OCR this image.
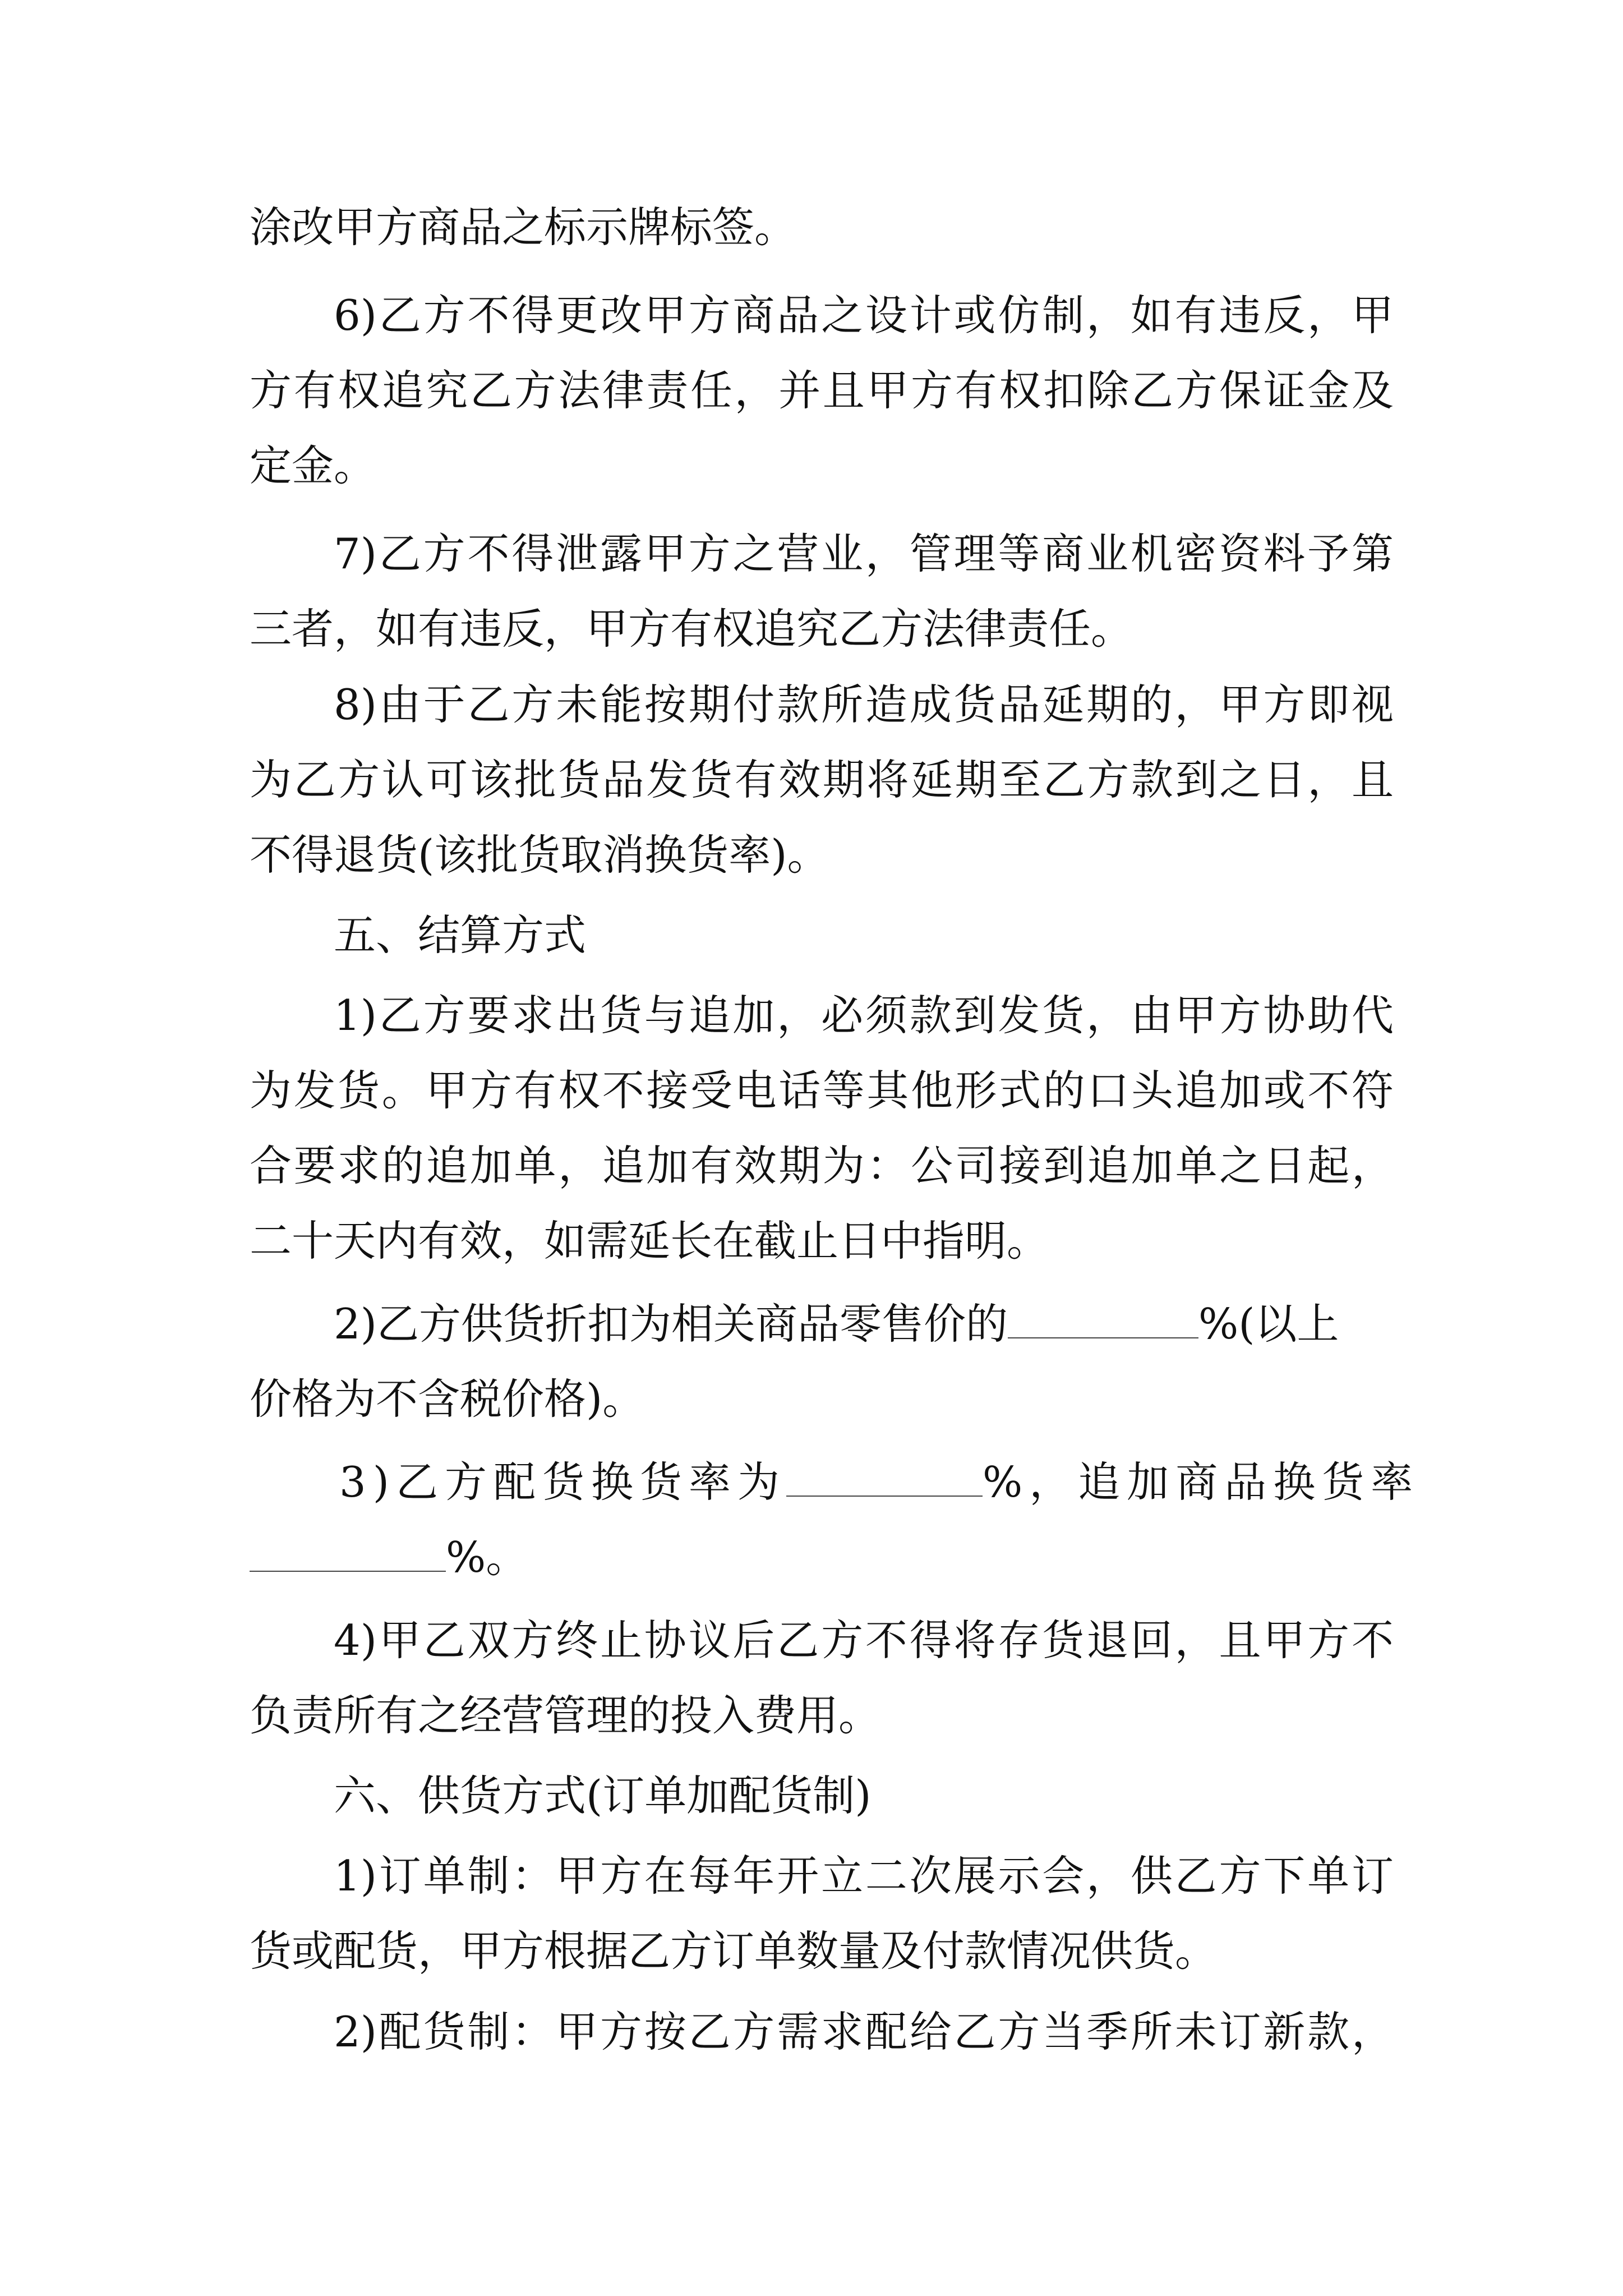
涂改甲方商品之标示牌标签。
6)乙方不得更改甲方商品之设计或仿制，如有违反，甲
方有权追究乙方法律责任，并且甲方有权扣除乙方保证金及
定金。
7)乙方不得泄露甲方之营业，管理等商业机密资料予第
三者，如有违反，甲方有权追究乙方法律责任。
8)由于乙方未能按期付款所造成货品延期的，甲方即视
为乙方认可该批货品发货有效期将延期至乙方款到之日，且
不得退货(该批货取消换货率)。
五、结算方式
1)乙方要求出货与追加，必须款到发货，由甲方协助代
为发货。甲方有权不接受电话等其他形式的口头追加或不符
合要求的追加单，追加有效期为：公司接到追加单之日起，
二十天内有效，如需延长在截止日中指明。
2)乙方供货折扣为相关商品零售价的	%(以上
价格为不含税价格)。
3)乙方配货换货率为	%，追加商品换货率
%。
4)甲乙双方终止协议后乙方不得将存货退回，且甲方不
负责所有之经营管理的投入费用。
六、供货方式(订单加配货制)
1)订单制：甲方在每年开立二次展示会，供乙方下单订
货或配货，甲方根据乙方订单数量及付款情况供货。
2)配货制：甲方按乙方需求配给乙方当季所未订新款，
